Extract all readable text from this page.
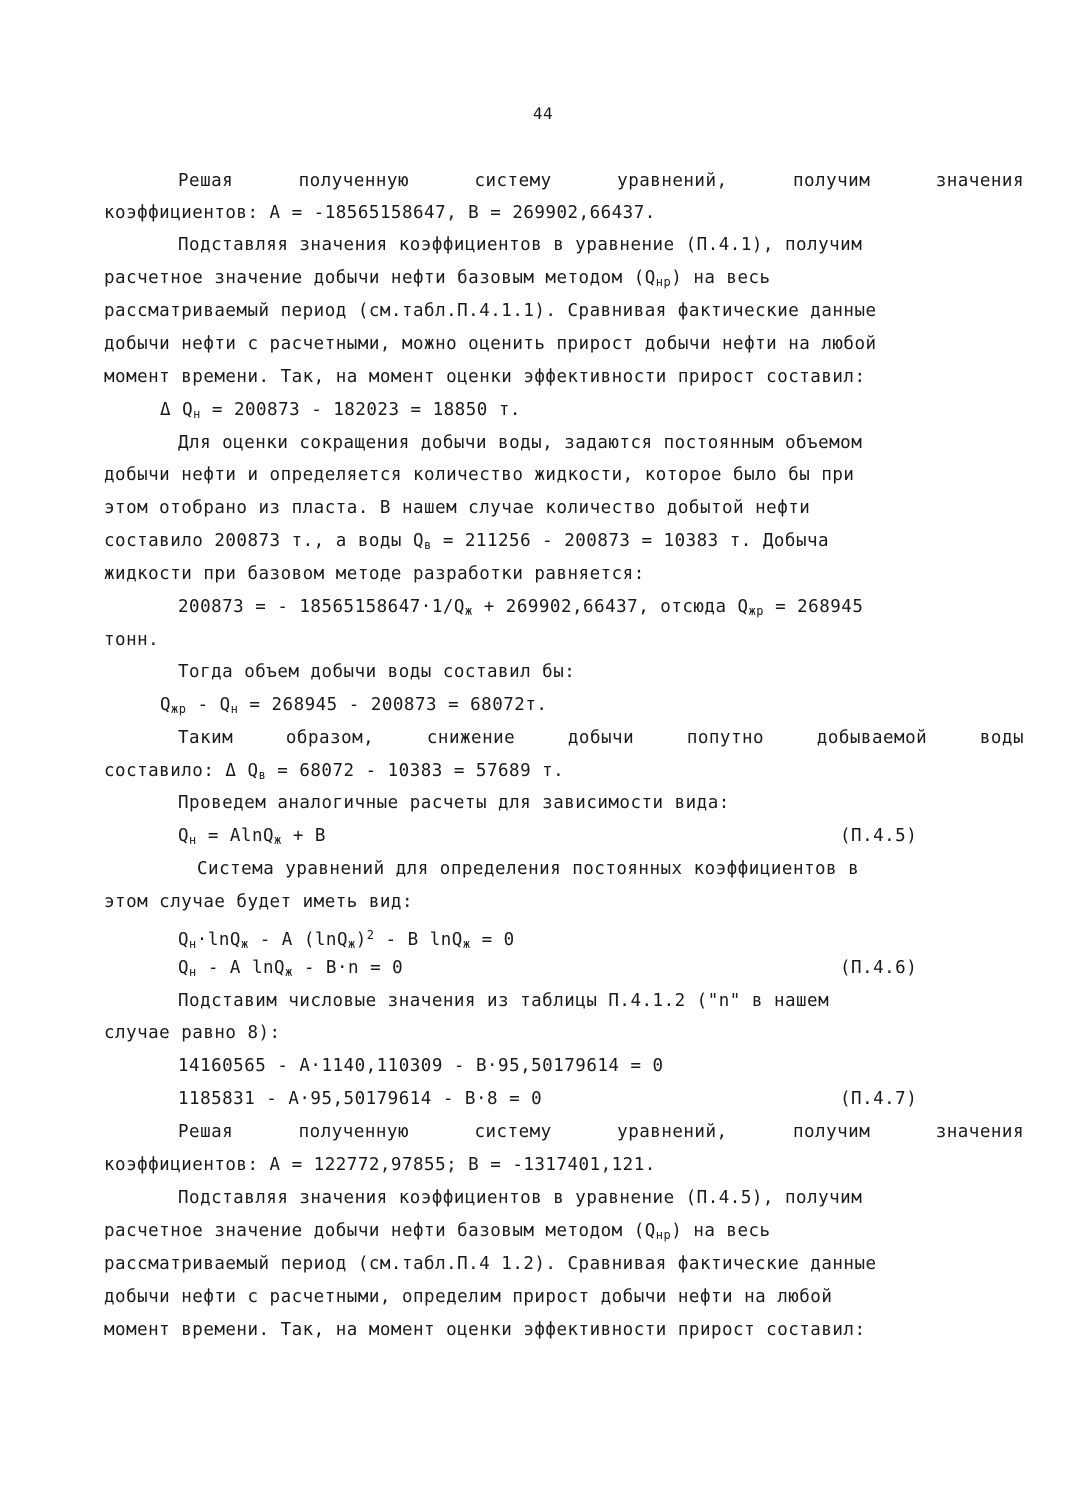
44
Решая	полученную	систему	уравнений,	получим	значения
коэффициентов: А = -18565158647, В = 269902,66437.
Подставляя значения коэффициентов в уравнение (П.4.1), получим
расчетное значение добычи нефти базовым методом $(Q_{нр})$ на весь
рассматриваемый период (см.табл.П.4.1.1). Сравнивая фактические данные
добычи нефти с расчетными, можно оценить прирост добычи нефти на любой
момент времени. Так, на момент оценки эффективности прирост составил:
Δ $Q_н = 200873 - 182023 = 18850$ т.
Для оценки сокращения добычи воды, задаются постоянным объемом
добычи нефти и определяется количество жидкости, которое было бы при
этом отобрано из пласта. В нашем случае количество добытой нефти
составило 200873 т., а воды $Q_в = 211256 - 200873 = 10383$ т. Добыча
жидкости при базовом методе разработки равняется:
200873 = - $18565158647\cdot 1/Q_ж + 269902,66437$, отсюда $Q_{жр} = 268945$
тонн.
Тогда объем добычи воды составил бы:
$Q_{жр} - Q_н = 268945 - 200873 = 68072т$.
Таким	образом,	снижение	добычи	попутно	добываемой	воды
составило: Δ $Q_в = 68072 - 10383 = 57689$ т.
Проведем аналогичные расчеты для зависимости вида:
$Q_н = AlnQ_ж + B$	(П.4.5)
Система уравнений для определения постоянных коэффициентов в
этом случае будет иметь вид:
$Q_н\cdot\ln Q_ж - A$ $(\ln Q_ж)^2$ - B lnQ$_ж$ = 0
$Q_н$ - A lnQ$_ж$ - B·n = 0	(П.4.6)
Подставим числовые значения из таблицы П.4.1.2 ("n" в нашем
случае равно 8):
14160565 - A·1140,110309 - B·95,50179614 = 0
1185831 - A·95,50179614 - B·8 = 0	(П.4.7)
Решая	полученную	систему	уравнений,	получим	значения
коэффициентов: А = 122772,97855; В = -1317401,121.
Подставляя значения коэффициентов в уравнение (П.4.5), получим
расчетное значение добычи нефти базовым методом $(Q_{нр})$ на весь
рассматриваемый период (см.табл.П.4 1.2). Сравнивая фактические данные
добычи нефти с расчетными, определим прирост добычи нефти на любой
момент времени. Так, на момент оценки эффективности прирост составил:
